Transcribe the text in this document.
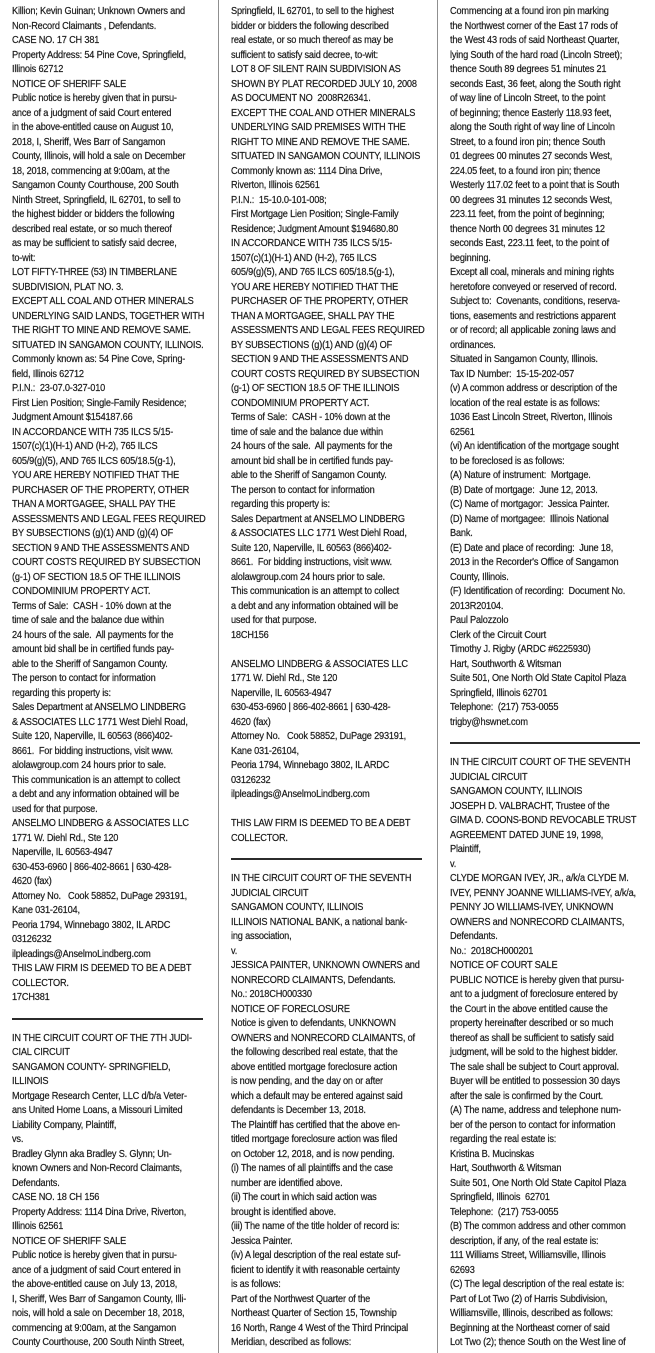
Killion; Kevin Guinan; Unknown Owners and
Non-Record Claimants , Defendants.
CASE NO. 17 CH 381
Property Address: 54 Pine Cove, Springfield,
Illinois 62712
NOTICE OF SHERIFF SALE
Public notice is hereby given that in pursu-
ance of a judgment of said Court entered
in the above-entitled cause on August 10,
2018, I, Sheriff, Wes Barr of Sangamon
County, Illinois, will hold a sale on December
18, 2018, commencing at 9:00am, at the
Sangamon County Courthouse, 200 South
Ninth Street, Springfield, IL 62701, to sell to
the highest bidder or bidders the following
described real estate, or so much thereof
as may be sufficient to satisfy said decree,
to-wit:
LOT FIFTY-THREE (53) IN TIMBERLANE
SUBDIVISION, PLAT NO. 3.
EXCEPT ALL COAL AND OTHER MINERALS
UNDERLYING SAID LANDS, TOGETHER WITH
THE RIGHT TO MINE AND REMOVE SAME.
SITUATED IN SANGAMON COUNTY, ILLINOIS.
Commonly known as: 54 Pine Cove, Spring-
field, Illinois 62712
P.I.N.:  23-07.0-327-010
First Lien Position; Single-Family Residence;
Judgment Amount $154187.66
IN ACCORDANCE WITH 735 ILCS 5/15-
1507(c)(1)(H-1) AND (H-2), 765 ILCS
605/9(g)(5), AND 765 ILCS 605/18.5(g-1),
YOU ARE HEREBY NOTIFIED THAT THE
PURCHASER OF THE PROPERTY, OTHER
THAN A MORTGAGEE, SHALL PAY THE
ASSESSMENTS AND LEGAL FEES REQUIRED
BY SUBSECTIONS (g)(1) AND (g)(4) OF
SECTION 9 AND THE ASSESSMENTS AND
COURT COSTS REQUIRED BY SUBSECTION
(g-1) OF SECTION 18.5 OF THE ILLINOIS
CONDOMINIUM PROPERTY ACT.
Terms of Sale:  CASH - 10% down at the
time of sale and the balance due within
24 hours of the sale.  All payments for the
amount bid shall be in certified funds pay-
able to the Sheriff of Sangamon County.
The person to contact for information
regarding this property is:
Sales Department at ANSELMO LINDBERG
& ASSOCIATES LLC 1771 West Diehl Road,
Suite 120, Naperville, IL 60563 (866)402-
8661.  For bidding instructions, visit www.
alolawgroup.com 24 hours prior to sale.
This communication is an attempt to collect
a debt and any information obtained will be
used for that purpose.
ANSELMO LINDBERG & ASSOCIATES LLC
1771 W. Diehl Rd., Ste 120
Naperville, IL 60563-4947
630-453-6960 | 866-402-8661 | 630-428-
4620 (fax)
Attorney No.   Cook 58852, DuPage 293191,
Kane 031-26104,
Peoria 1794, Winnebago 3802, IL ARDC
03126232
ilpleadings@AnselmoLindberg.com
THIS LAW FIRM IS DEEMED TO BE A DEBT
COLLECTOR.
17CH381
IN THE CIRCUIT COURT OF THE 7TH JUDI-
CIAL CIRCUIT
SANGAMON COUNTY- SPRINGFIELD,
ILLINOIS
Mortgage Research Center, LLC d/b/a Veter-
ans United Home Loans, a Missouri Limited
Liability Company, Plaintiff,
vs.
Bradley Glynn aka Bradley S. Glynn; Un-
known Owners and Non-Record Claimants,
Defendants.
CASE NO. 18 CH 156
Property Address: 1114 Dina Drive, Riverton,
Illinois 62561
NOTICE OF SHERIFF SALE
Public notice is hereby given that in pursu-
ance of a judgment of said Court entered in
the above-entitled cause on July 13, 2018,
I, Sheriff, Wes Barr of Sangamon County, Illi-
nois, will hold a sale on December 18, 2018,
commencing at 9:00am, at the Sangamon
County Courthouse, 200 South Ninth Street,
Springfield, IL 62701, to sell to the highest
bidder or bidders the following described
real estate, or so much thereof as may be
sufficient to satisfy said decree, to-wit:
LOT 8 OF SILENT RAIN SUBDIVISION AS
SHOWN BY PLAT RECORDED JULY 10, 2008
AS DOCUMENT NO  2008R26341.
EXCEPT THE COAL AND OTHER MINERALS
UNDERLYING SAID PREMISES WITH THE
RIGHT TO MINE AND REMOVE THE SAME.
SITUATED IN SANGAMON COUNTY, ILLINOIS
Commonly known as: 1114 Dina Drive,
Riverton, Illinois 62561
P.I.N.:  15-10.0-101-008;
First Mortgage Lien Position; Single-Family
Residence; Judgment Amount $194680.80
IN ACCORDANCE WITH 735 ILCS 5/15-
1507(c)(1)(H-1) AND (H-2), 765 ILCS
605/9(g)(5), AND 765 ILCS 605/18.5(g-1),
YOU ARE HEREBY NOTIFIED THAT THE
PURCHASER OF THE PROPERTY, OTHER
THAN A MORTGAGEE, SHALL PAY THE
ASSESSMENTS AND LEGAL FEES REQUIRED
BY SUBSECTIONS (g)(1) AND (g)(4) OF
SECTION 9 AND THE ASSESSMENTS AND
COURT COSTS REQUIRED BY SUBSECTION
(g-1) OF SECTION 18.5 OF THE ILLINOIS
CONDOMINIUM PROPERTY ACT.
Terms of Sale:  CASH - 10% down at the
time of sale and the balance due within
24 hours of the sale.  All payments for the
amount bid shall be in certified funds pay-
able to the Sheriff of Sangamon County.
The person to contact for information
regarding this property is:
Sales Department at ANSELMO LINDBERG
& ASSOCIATES LLC 1771 West Diehl Road,
Suite 120, Naperville, IL 60563 (866)402-
8661.  For bidding instructions, visit www.
alolawgroup.com 24 hours prior to sale.
This communication is an attempt to collect
a debt and any information obtained will be
used for that purpose.
18CH156
ANSELMO LINDBERG & ASSOCIATES LLC
1771 W. Diehl Rd., Ste 120
Naperville, IL 60563-4947
630-453-6960 | 866-402-8661 | 630-428-
4620 (fax)
Attorney No.   Cook 58852, DuPage 293191,
Kane 031-26104,
Peoria 1794, Winnebago 3802, IL ARDC
03126232
ilpleadings@AnselmoLindberg.com
THIS LAW FIRM IS DEEMED TO BE A DEBT
COLLECTOR.
IN THE CIRCUIT COURT OF THE SEVENTH
JUDICIAL CIRCUIT
SANGAMON COUNTY, ILLINOIS
ILLINOIS NATIONAL BANK, a national bank-
ing association,
v.
JESSICA PAINTER, UNKNOWN OWNERS and
NONRECORD CLAIMANTS, Defendants.
No.: 2018CH000330
NOTICE OF FORECLOSURE
Notice is given to defendants, UNKNOWN
OWNERS and NONRECORD CLAIMANTS, of
the following described real estate, that the
above entitled mortgage foreclosure action
is now pending, and the day on or after
which a default may be entered against said
defendants is December 13, 2018.
The Plaintiff has certified that the above en-
titled mortgage foreclosure action was filed
on October 12, 2018, and is now pending.
(i) The names of all plaintiffs and the case
number are identified above.
(ii) The court in which said action was
brought is identified above.
(iii) The name of the title holder of record is:
Jessica Painter.
(iv) A legal description of the real estate suf-
ficient to identify it with reasonable certainty
is as follows:
Part of the Northwest Quarter of the
Northeast Quarter of Section 15, Township
16 North, Range 4 West of the Third Principal
Meridian, described as follows:
Commencing at a found iron pin marking
the Northwest corner of the East 17 rods of
the West 43 rods of said Northeast Quarter,
lying South of the hard road (Lincoln Street);
thence South 89 degrees 51 minutes 21
seconds East, 36 feet, along the South right
of way line of Lincoln Street, to the point
of beginning; thence Easterly 118.93 feet,
along the South right of way line of Lincoln
Street, to a found iron pin; thence South
01 degrees 00 minutes 27 seconds West,
224.05 feet, to a found iron pin; thence
Westerly 117.02 feet to a point that is South
00 degrees 31 minutes 12 seconds West,
223.11 feet, from the point of beginning;
thence North 00 degrees 31 minutes 12
seconds East, 223.11 feet, to the point of
beginning.
Except all coal, minerals and mining rights
heretofore conveyed or reserved of record.
Subject to:  Covenants, conditions, reserva-
tions, easements and restrictions apparent
or of record; all applicable zoning laws and
ordinances.
Situated in Sangamon County, Illinois.
Tax ID Number:  15-15-202-057
(v) A common address or description of the
location of the real estate is as follows:
1036 East Lincoln Street, Riverton, Illinois
62561
(vi) An identification of the mortgage sought
to be foreclosed is as follows:
(A) Nature of instrument:  Mortgage.
(B) Date of mortgage:  June 12, 2013.
(C) Name of mortgagor:  Jessica Painter.
(D) Name of mortgagee:  Illinois National
Bank.
(E) Date and place of recording:  June 18,
2013 in the Recorder's Office of Sangamon
County, Illinois.
(F) Identification of recording:  Document No.
2013R20104.
Paul Palozzolo
Clerk of the Circuit Court
Timothy J. Rigby (ARDC #6225930)
Hart, Southworth & Witsman
Suite 501, One North Old State Capitol Plaza
Springfield, Illinois 62701
Telephone:  (217) 753-0055
trigby@hswnet.com
IN THE CIRCUIT COURT OF THE SEVENTH
JUDICIAL CIRCUIT
SANGAMON COUNTY, ILLINOIS
JOSEPH D. VALBRACHT, Trustee of the
GIMA D. COONS-BOND REVOCABLE TRUST
AGREEMENT DATED JUNE 19, 1998,
Plaintiff,
v.
CLYDE MORGAN IVEY, JR., a/k/a CLYDE M.
IVEY, PENNY JOANNE WILLIAMS-IVEY, a/k/a,
PENNY JO WILLIAMS-IVEY, UNKNOWN
OWNERS and NONRECORD CLAIMANTS,
Defendants.
No.:  2018CH000201
NOTICE OF COURT SALE
PUBLIC NOTICE is hereby given that pursu-
ant to a judgment of foreclosure entered by
the Court in the above entitled cause the
property hereinafter described or so much
thereof as shall be sufficient to satisfy said
judgment, will be sold to the highest bidder.
The sale shall be subject to Court approval.
Buyer will be entitled to possession 30 days
after the sale is confirmed by the Court.
(A) The name, address and telephone num-
ber of the person to contact for information
regarding the real estate is:
Kristina B. Mucinskas
Hart, Southworth & Witsman
Suite 501, One North Old State Capitol Plaza
Springfield, Illinois  62701
Telephone:  (217) 753-0055
(B) The common address and other common
description, if any, of the real estate is:
111 Williams Street, Williamsville, Illinois
62693
(C) The legal description of the real estate is:
Part of Lot Two (2) of Harris Subdivision,
Williamsville, Illinois, described as follows:
Beginning at the Northeast corner of said
Lot Two (2); thence South on the West line of
